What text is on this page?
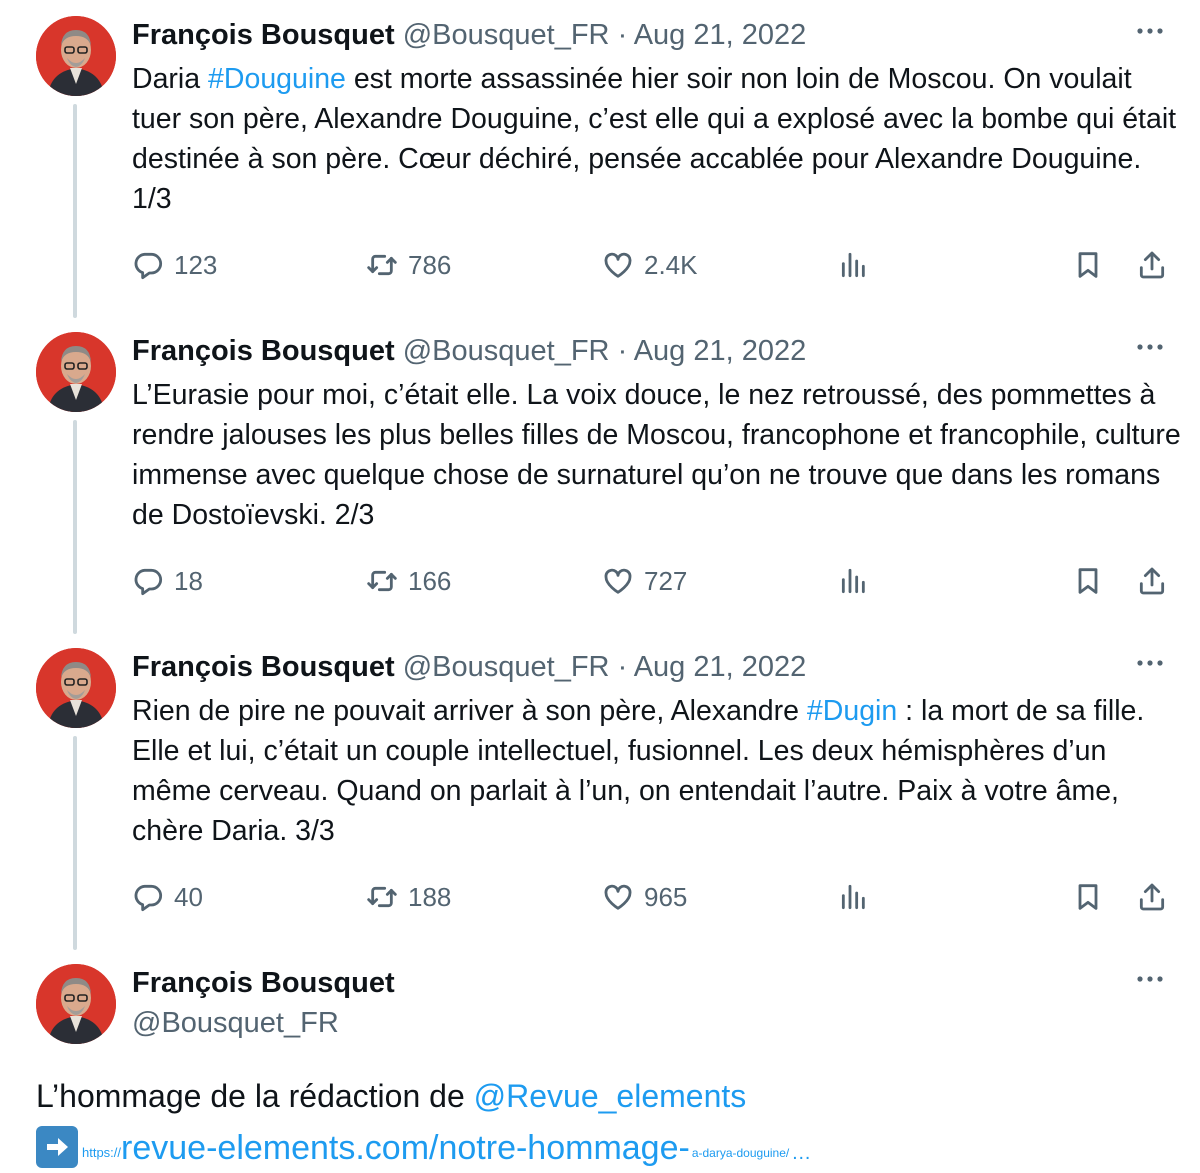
François Bousquet @Bousquet_FR · Aug 21, 2022
Daria #Douguine est morte assassinée hier soir non loin de Moscou. On voulait tuer son père, Alexandre Douguine, c’est elle qui a explosé avec la bombe qui était destinée à son père. Cœur déchiré, pensée accablée pour Alexandre Douguine. 1/3
123	786	2.4K
François Bousquet @Bousquet_FR · Aug 21, 2022
L’Eurasie pour moi, c’était elle. La voix douce, le nez retroussé, des pommettes à rendre jalouses les plus belles filles de Moscou, francophone et francophile, culture immense avec quelque chose de surnaturel qu’on ne trouve que dans les romans de Dostoïevski. 2/3
18	166	727
François Bousquet @Bousquet_FR · Aug 21, 2022
Rien de pire ne pouvait arriver à son père, Alexandre #Dugin : la mort de sa fille. Elle et lui, c’était un couple intellectuel, fusionnel. Les deux hémisphères d’un même cerveau. Quand on parlait à l’un, on entendait l’autre. Paix à votre âme, chère Daria. 3/3
40	188	965
François Bousquet
@Bousquet_FR
L’hommage de la rédaction de @Revue_elements
https:// revue-elements.com/notre-hommage- a-darya-douguine/ …
